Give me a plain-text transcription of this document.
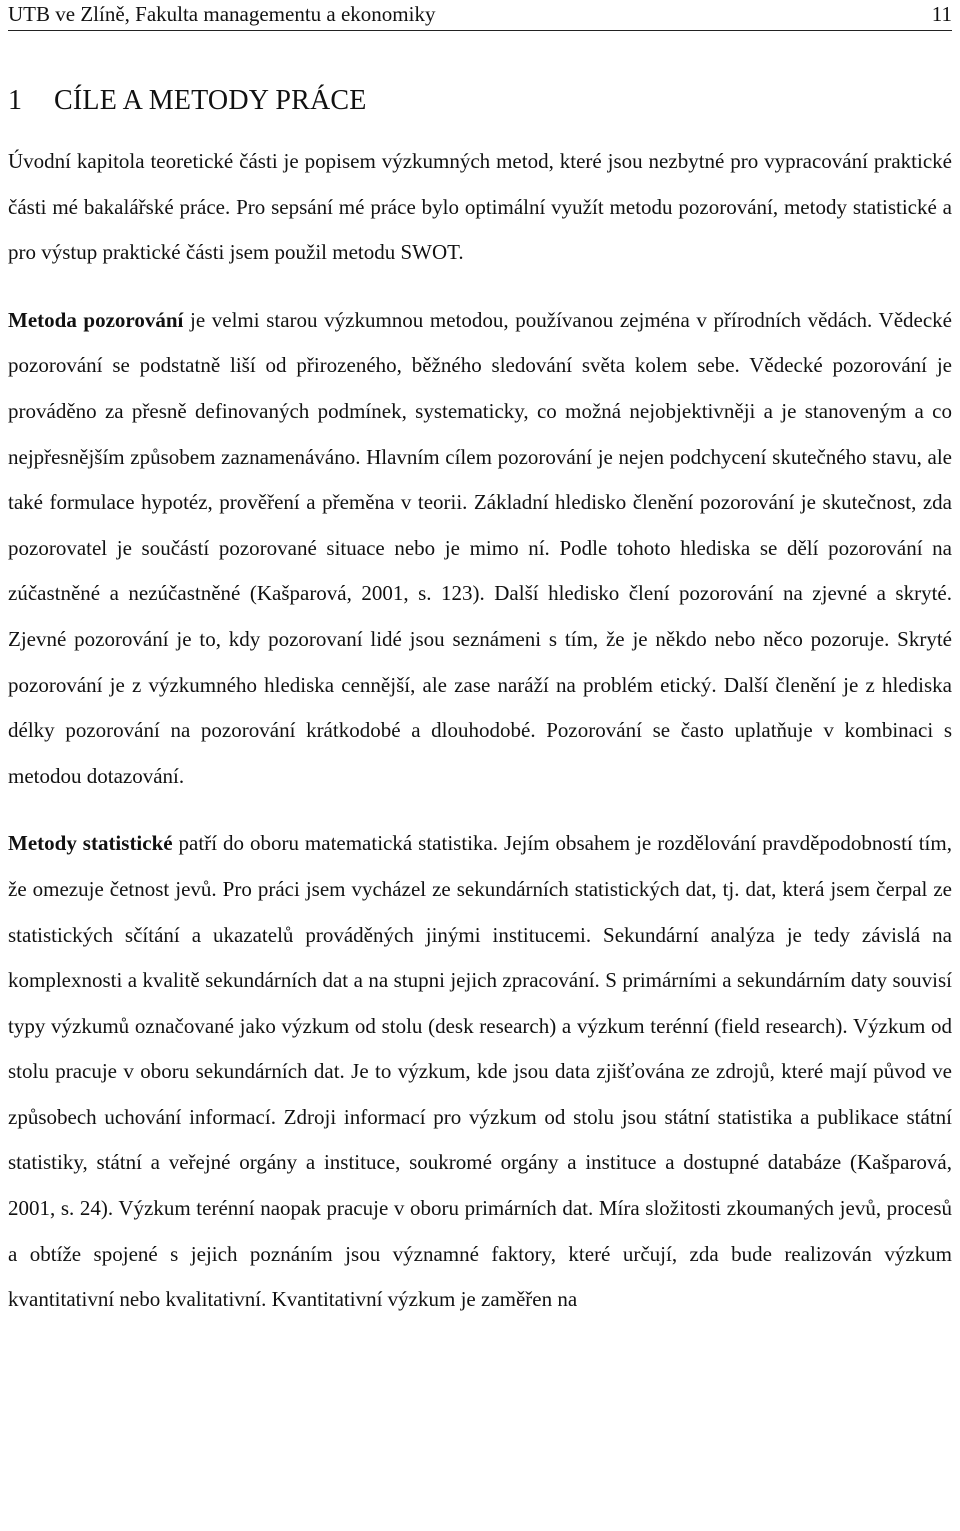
UTB ve Zlíně, Fakulta managementu a ekonomiky	11
1 CÍLE A METODY PRÁCE

Úvodní kapitola teoretické části je popisem výzkumných metod, které jsou nezbytné pro vypracování praktické části mé bakalářské práce. Pro sepsání mé práce bylo optimální využít metodu pozorování, metody statistické a pro výstup praktické části jsem použil metodu SWOT.

Metoda pozorování je velmi starou výzkumnou metodou, používanou zejména v přírodních vědách. Vědecké pozorování se podstatně liší od přirozeného, běžného sledování světa kolem sebe. Vědecké pozorování je prováděno za přesně definovaných podmínek, systematicky, co možná nejobjektivněji a je stanoveným a co nejpřesnějším způsobem zaznamenáváno. Hlavním cílem pozorování je nejen podchycení skutečného stavu, ale také formulace hypotéz, prověření a přeměna v teorii. Základní hledisko členění pozorování je skutečnost, zda pozorovatel je součástí pozorované situace nebo je mimo ní. Podle tohoto hlediska se dělí pozorování na zúčastněné a nezúčastněné (Kašparová, 2001, s. 123). Další hledisko člení pozorování na zjevné a skryté. Zjevné pozorování je to, kdy pozorovaní lidé jsou seznámeni s tím, že je někdo nebo něco pozoruje. Skryté pozorování je z výzkumného hlediska cennější, ale zase naráží na problém etický. Další členění je z hlediska délky pozorování na pozorování krátkodobé a dlouhodobé. Pozorování se často uplatňuje v kombinaci s metodou dotazování.

Metody statistické patří do oboru matematická statistika. Jejím obsahem je rozdělování pravděpodobností tím, že omezuje četnost jevů. Pro práci jsem vycházel ze sekundárních statistických dat, tj. dat, která jsem čerpal ze statistických sčítání a ukazatelů prováděných jinými institucemi. Sekundární analýza je tedy závislá na komplexnosti a kvalitě sekundárních dat a na stupni jejich zpracování. S primárními a sekundárním daty souvisí typy výzkumů označované jako výzkum od stolu (desk research) a výzkum terénní (field research). Výzkum od stolu pracuje v oboru sekundárních dat. Je to výzkum, kde jsou data zjišťována ze zdrojů, které mají původ ve způsobech uchování informací. Zdroji informací pro výzkum od stolu jsou státní statistika a publikace státní statistiky, státní a veřejné orgány a instituce, soukromé orgány a instituce a dostupné databáze (Kašparová, 2001, s. 24). Výzkum terénní naopak pracuje v oboru primárních dat. Míra složitosti zkoumaných jevů, procesů a obtíže spojené s jejich poznáním jsou významné faktory, které určují, zda bude realizován výzkum kvantitativní nebo kvalitativní. Kvantitativní výzkum je zaměřen na
